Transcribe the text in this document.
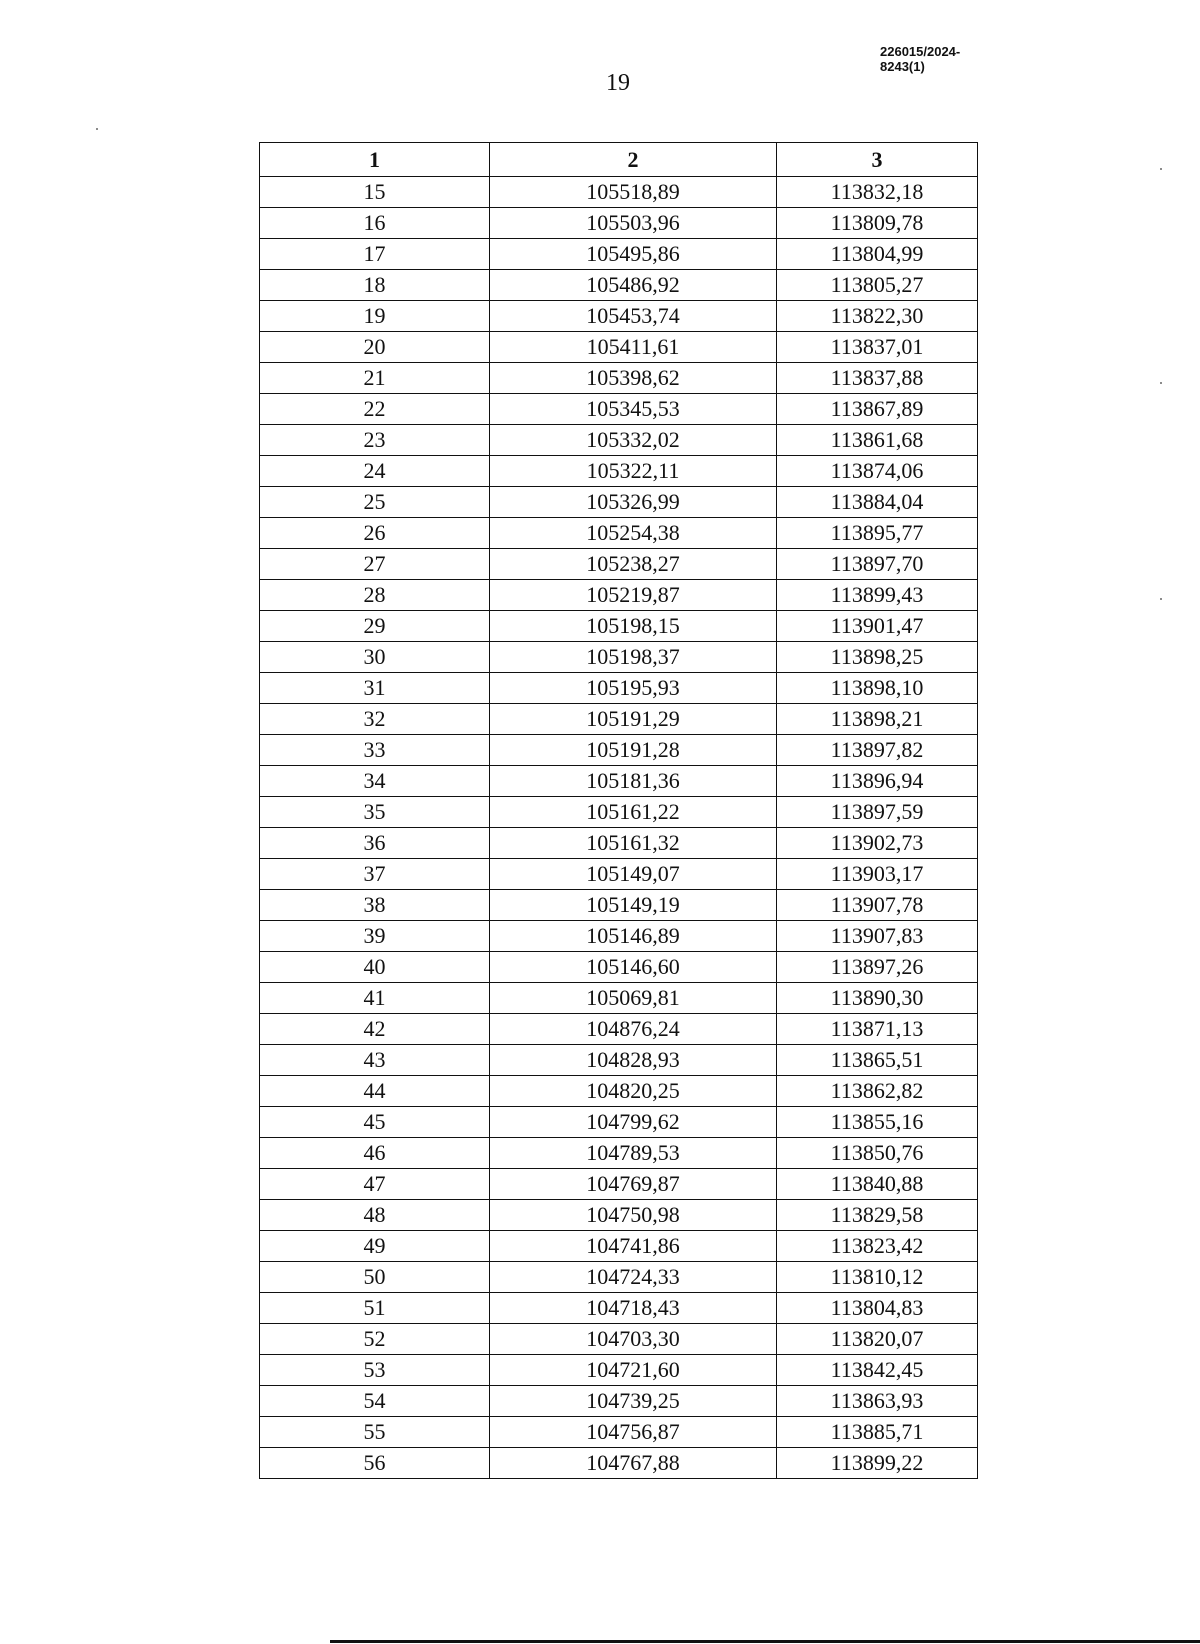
226015/2024-8243(1)
19
1	2	3
15	105518,89	113832,18
16	105503,96	113809,78
17	105495,86	113804,99
18	105486,92	113805,27
19	105453,74	113822,30
20	105411,61	113837,01
21	105398,62	113837,88
22	105345,53	113867,89
23	105332,02	113861,68
24	105322,11	113874,06
25	105326,99	113884,04
26	105254,38	113895,77
27	105238,27	113897,70
28	105219,87	113899,43
29	105198,15	113901,47
30	105198,37	113898,25
31	105195,93	113898,10
32	105191,29	113898,21
33	105191,28	113897,82
34	105181,36	113896,94
35	105161,22	113897,59
36	105161,32	113902,73
37	105149,07	113903,17
38	105149,19	113907,78
39	105146,89	113907,83
40	105146,60	113897,26
41	105069,81	113890,30
42	104876,24	113871,13
43	104828,93	113865,51
44	104820,25	113862,82
45	104799,62	113855,16
46	104789,53	113850,76
47	104769,87	113840,88
48	104750,98	113829,58
49	104741,86	113823,42
50	104724,33	113810,12
51	104718,43	113804,83
52	104703,30	113820,07
53	104721,60	113842,45
54	104739,25	113863,93
55	104756,87	113885,71
56	104767,88	113899,22
